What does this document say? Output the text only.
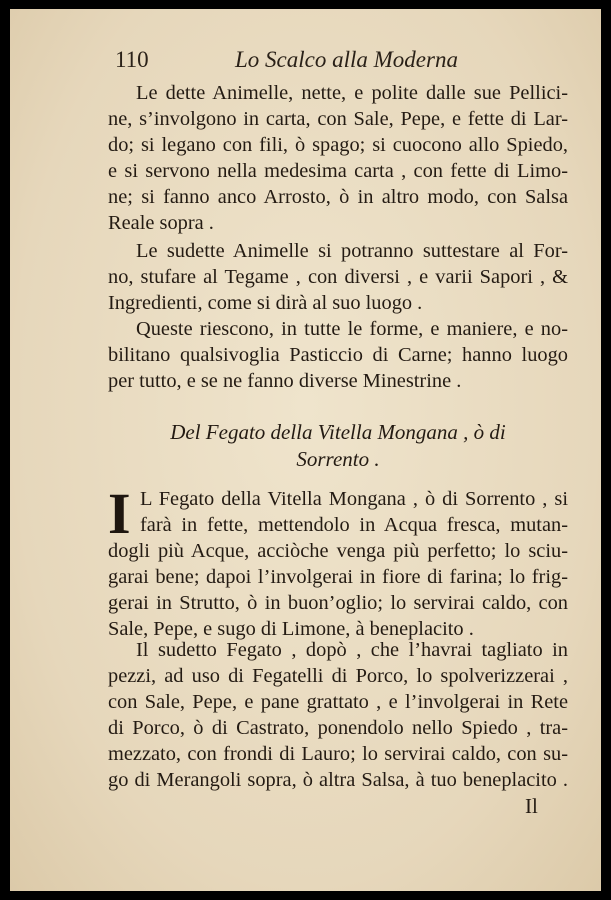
110	Lo Scalco alla Moderna
Le dette Animelle, nette, e polite dalle sue Pellici-
ne, s’involgono in carta, con Sale, Pepe, e fette di Lar-
do; si legano con fili, ò spago; si cuocono allo Spiedo,
e si servono nella medesima carta , con fette di Limo-
ne; si fanno anco Arrosto, ò in altro modo, con Salsa
Reale sopra .
Le sudette Animelle si potranno suttestare al For-
no, stufare al Tegame , con diversi , e varii Sapori , &
Ingredienti, come si dirà al suo luogo .
Queste riescono, in tutte le forme, e maniere, e no-
bilitano qualsivoglia Pasticcio di Carne; hanno luogo
per tutto, e se ne fanno diverse Minestrine .
Del Fegato della Vitella Mongana , ò di
Sorrento .
I L Fegato della Vitella Mongana , ò di Sorrento , si
farà in fette, mettendolo in Acqua fresca, mutan-
dogli più Acque, acciòche venga più perfetto; lo sciu-
garai bene; dapoi l’involgerai in fiore di farina; lo frig-
gerai in Strutto, ò in buon’oglio; lo servirai caldo, con
Sale, Pepe, e sugo di Limone, à beneplacito .
Il sudetto Fegato , dopò , che l’havrai tagliato in
pezzi, ad uso di Fegatelli di Porco, lo spolverizzerai ,
con Sale, Pepe, e pane grattato , e l’involgerai in Rete
di Porco, ò di Castrato, ponendolo nello Spiedo , tra-
mezzato, con frondi di Lauro; lo servirai caldo, con su-
go di Merangoli sopra, ò altra Salsa, à tuo beneplacito .
Il
